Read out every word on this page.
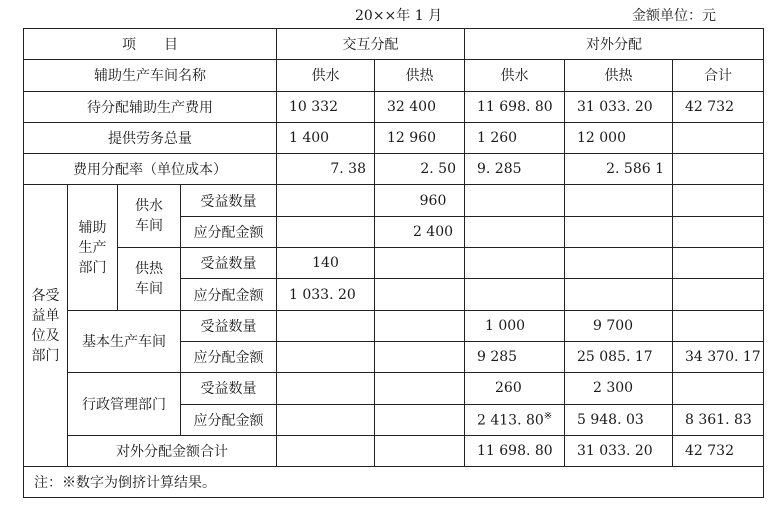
20××年 1 月	金额单位：元
项　　目				交互分配		对外分配		
辅助生产车间名称				供水	供热	供水	供热	合计
待分配辅助生产费用				10 332	32 400	11 698. 80	31 033. 20	42 732
提供劳务总量				1 400	12 960	1 260	12 000	
费用分配率（单位成本）				7. 38	2. 50	9. 285	2. 586 1	

各受益单位及部门	辅助生产部门	供水车间	受益数量		960			
			应分配金额		2 400			

		供热车间	受益数量	140				
			应分配金额	1 033. 20				
	基本生产车间		受益数量			1 000	9 700	
			应分配金额			9 285	25 085. 17	34 370. 17
	行政管理部门		受益数量			260	2 300	
			应分配金额			2 413. 80※	5 948. 03	8 361. 83
	对外分配金额合计					11 698. 80	31 033. 20	42 732
注：※数字为倒挤计算结果。								
